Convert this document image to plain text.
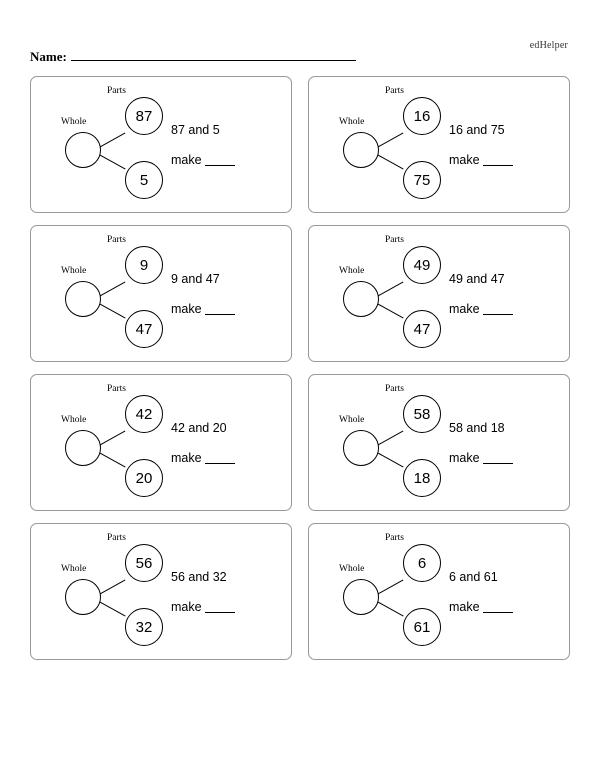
edHelper
Name:
Parts
Whole	87
5
87 and 5
make
Parts
Whole	16
75
16 and 75
make
Parts
Whole	9
47
9 and 47
make
Parts
Whole	49
47
49 and 47
make
Parts
Whole	42
20
42 and 20
make
Parts
Whole	58
18
58 and 18
make
Parts
Whole	56
32
56 and 32
make
Parts
Whole	6
61
6 and 61
make
